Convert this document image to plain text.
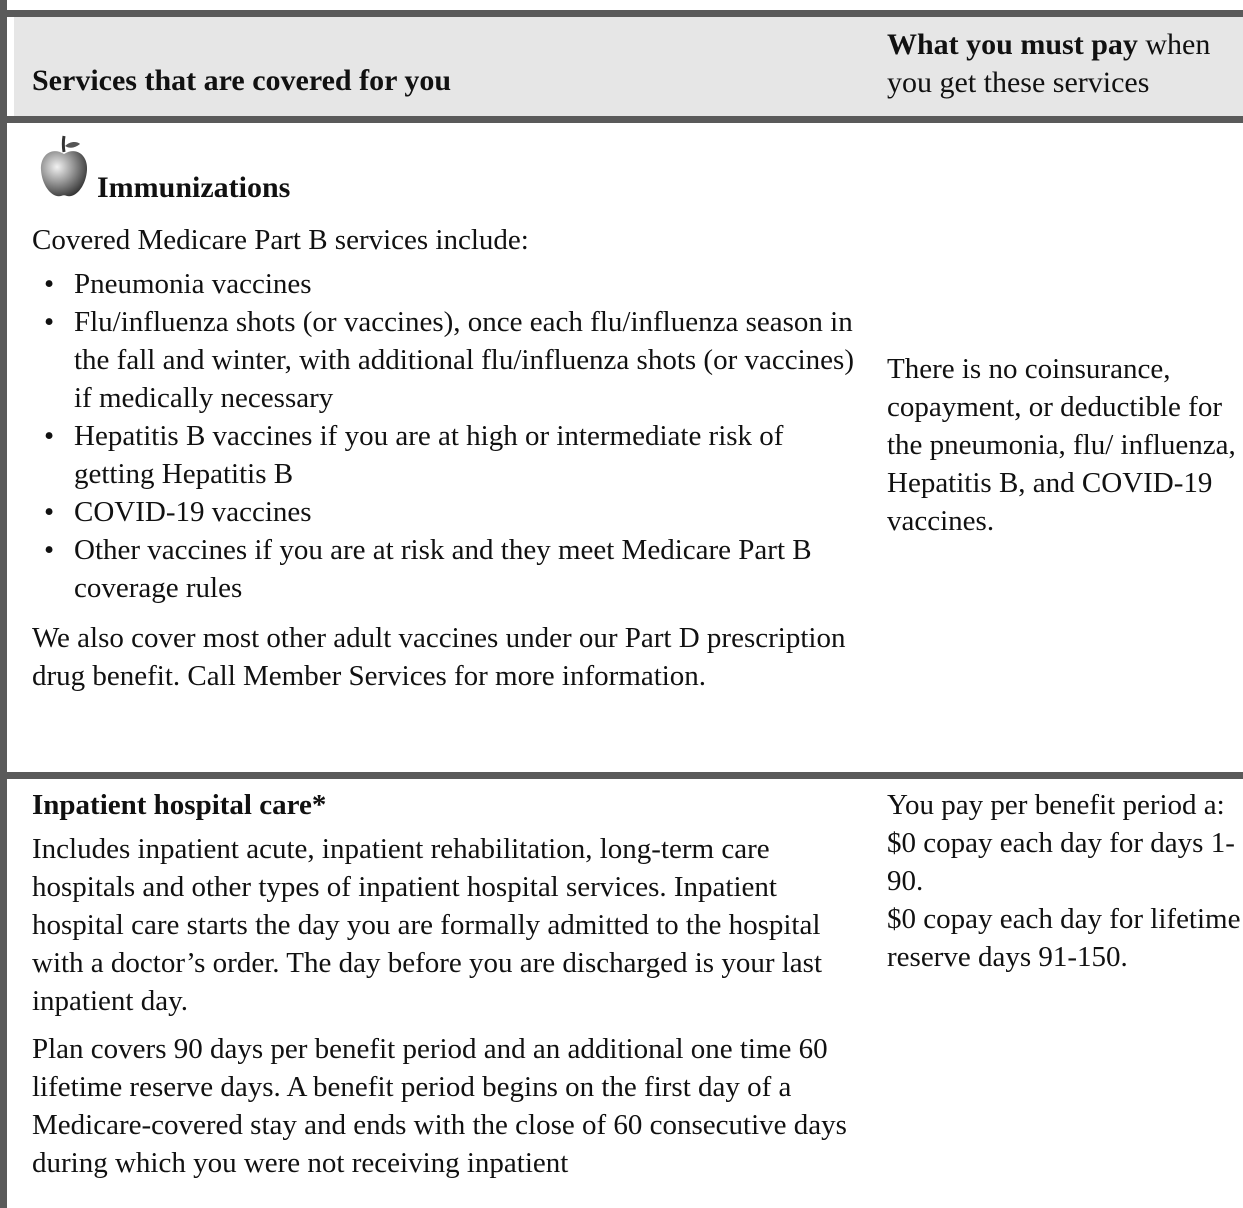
Services that are covered for you
What you must pay when you get these services
Immunizations

Covered Medicare Part B services include:

• Pneumonia vaccines
• Flu/influenza shots (or vaccines), once each flu/influenza season in the fall and winter, with additional flu/influenza shots (or vaccines) if medically necessary
• Hepatitis B vaccines if you are at high or intermediate risk of getting Hepatitis B
• COVID-19 vaccines
• Other vaccines if you are at risk and they meet Medicare Part B coverage rules

We also cover most other adult vaccines under our Part D prescription drug benefit. Call Member Services for more information.

There is no coinsurance, copayment, or deductible for the pneumonia, flu/ influenza, Hepatitis B, and COVID-19 vaccines.

Inpatient hospital care*

Includes inpatient acute, inpatient rehabilitation, long-term care hospitals and other types of inpatient hospital services. Inpatient hospital care starts the day you are formally admitted to the hospital with a doctor’s order. The day before you are discharged is your last inpatient day.

Plan covers 90 days per benefit period and an additional one time 60 lifetime reserve days. A benefit period begins on the first day of a Medicare-covered stay and ends with the close of 60 consecutive days during which you were not receiving inpatient

You pay per benefit period a:

$0 copay each day for days 1-90.

$0 copay each day for lifetime reserve days 91-150.
